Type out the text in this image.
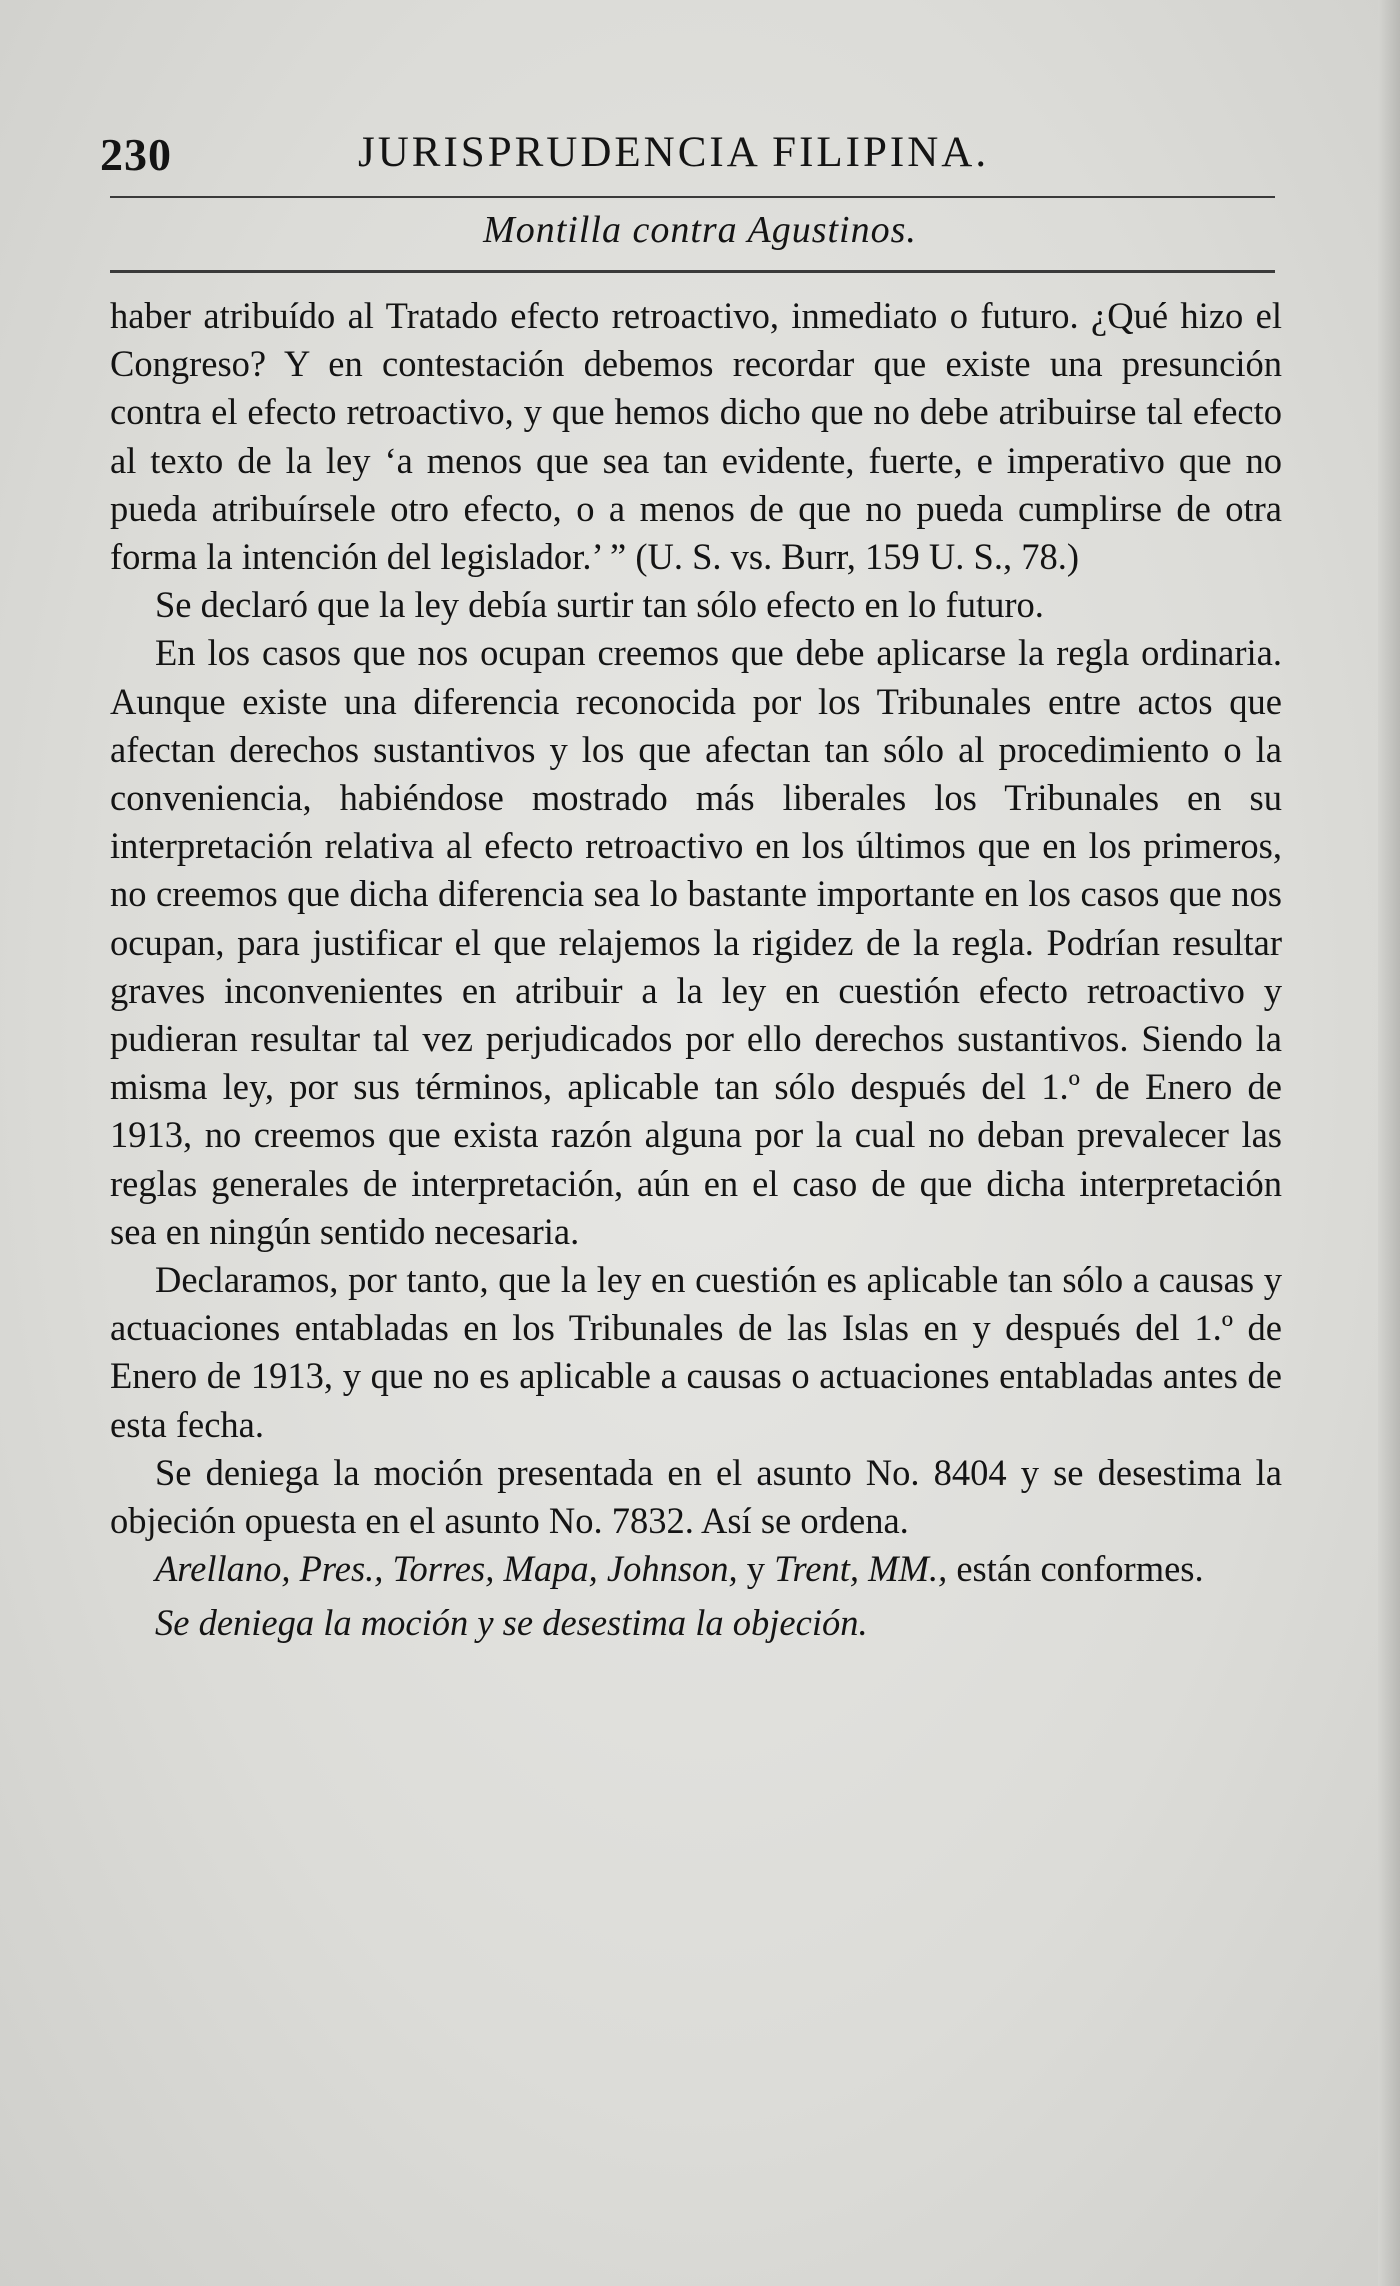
230	JURISPRUDENCIA FILIPINA.
Montilla contra Agustinos.

haber atribuído al Tratado efecto retroactivo, inmediato o futuro. ¿Qué hizo el Congreso? Y en contestación debemos recordar que existe una presunción contra el efecto retroactivo, y que hemos dicho que no debe atribuirse tal efecto al texto de la ley ‘a menos que sea tan evidente, fuerte, e imperativo que no pueda atribuírsele otro efecto, o a menos de que no pueda cumplirse de otra forma la intención del legislador.’ ” (U. S. vs. Burr, 159 U. S., 78.)

Se declaró que la ley debía surtir tan sólo efecto en lo futuro.

En los casos que nos ocupan creemos que debe aplicarse la regla ordinaria. Aunque existe una diferencia reconocida por los Tribunales entre actos que afectan derechos sustantivos y los que afectan tan sólo al procedimiento o la conveniencia, habiéndose mostrado más liberales los Tribunales en su interpretación relativa al efecto retroactivo en los últimos que en los primeros, no creemos que dicha diferencia sea lo bastante importante en los casos que nos ocupan, para justificar el que relajemos la rigidez de la regla. Podrían resultar graves inconvenientes en atribuir a la ley en cuestión efecto retroactivo y pudieran resultar tal vez perjudicados por ello derechos sustantivos. Siendo la misma ley, por sus términos, aplicable tan sólo después del 1.º de Enero de 1913, no creemos que exista razón alguna por la cual no deban prevalecer las reglas generales de interpretación, aún en el caso de que dicha interpretación sea en ningún sentido necesaria.

Declaramos, por tanto, que la ley en cuestión es aplicable tan sólo a causas y actuaciones entabladas en los Tribunales de las Islas en y después del 1.º de Enero de 1913, y que no es aplicable a causas o actuaciones entabladas antes de esta fecha.

Se deniega la moción presentada en el asunto No. 8404 y se desestima la objeción opuesta en el asunto No. 7832. Así se ordena.

Arellano, Pres., Torres, Mapa, Johnson, y Trent, MM., están conformes.

Se deniega la moción y se desestima la objeción.
